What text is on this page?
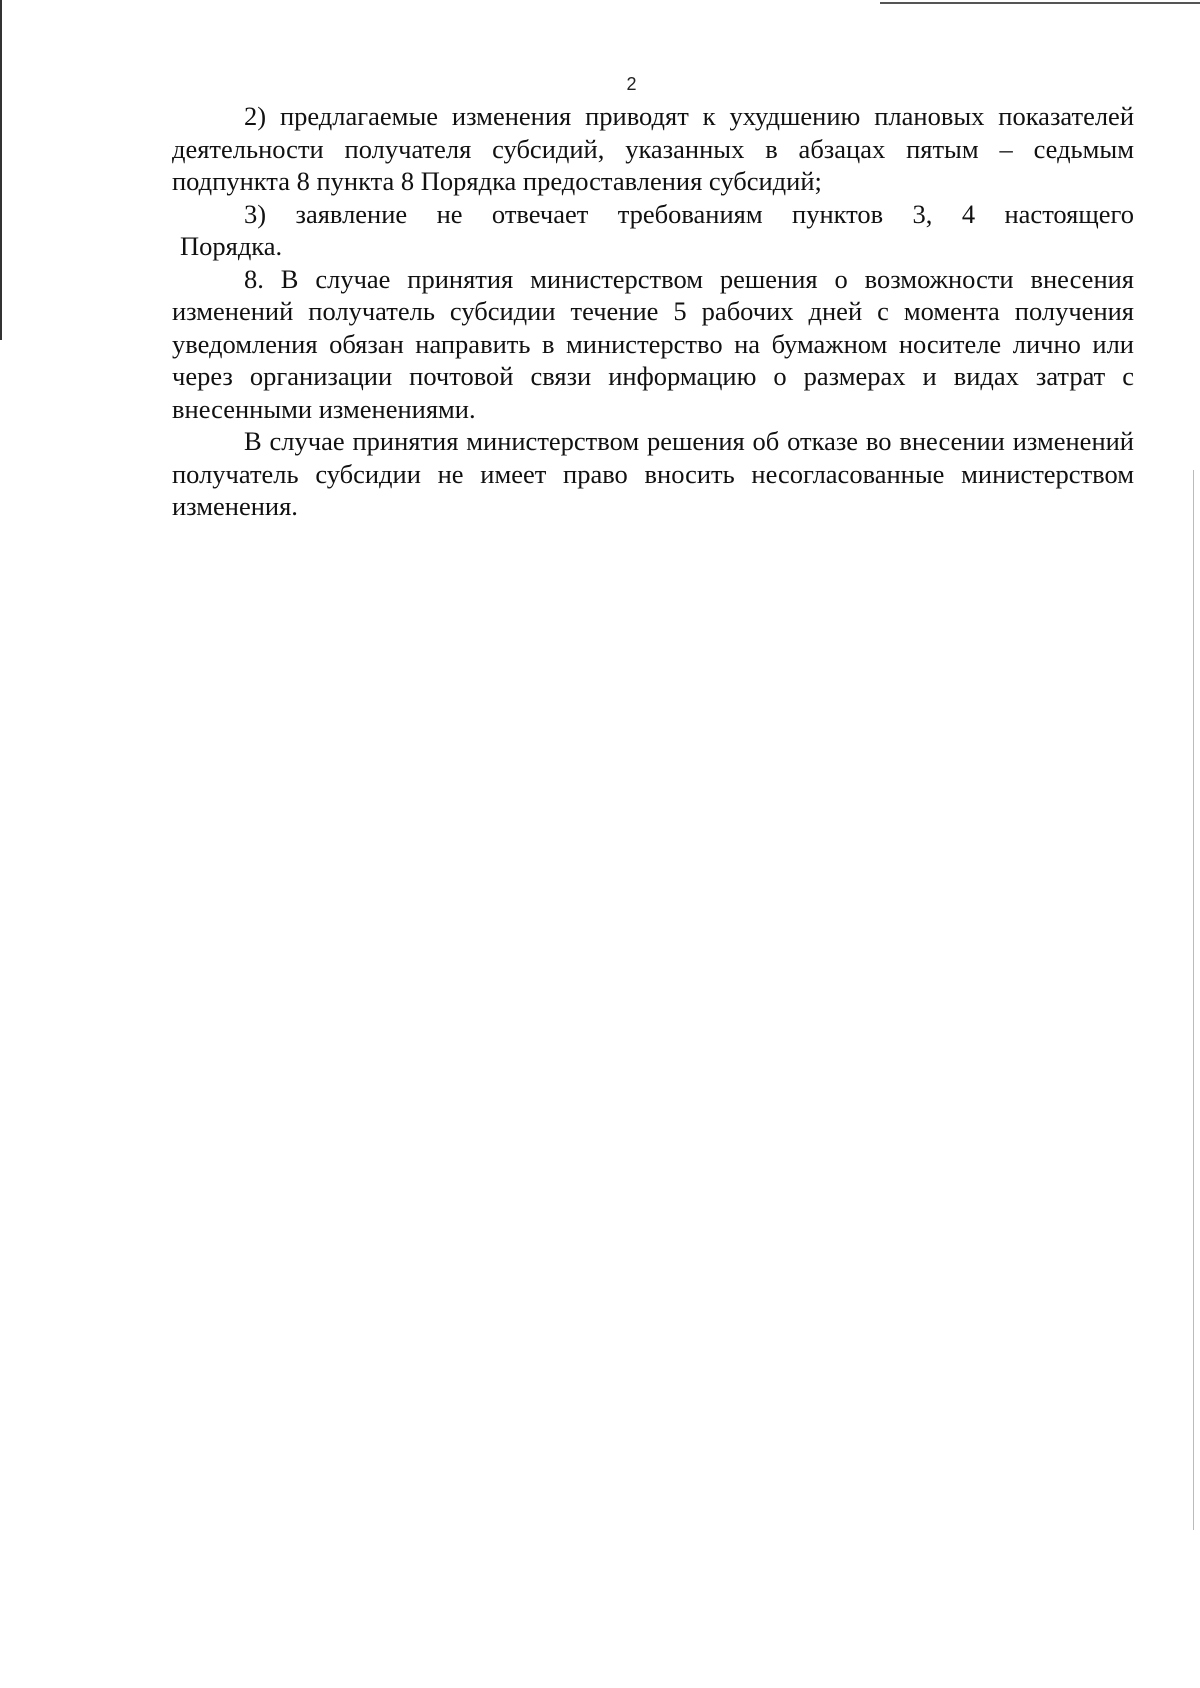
2

2) предлагаемые изменения приводят к ухудшению плановых показателей деятельности получателя субсидий, указанных в абзацах пятым – седьмым подпункта 8 пункта 8 Порядка предоставления субсидий;

3) заявление не отвечает требованиям пунктов 3, 4 настоящего

Порядка.

8. В случае принятия министерством решения о возможности внесения изменений получатель субсидии течение 5 рабочих дней с момента получения уведомления обязан направить в министерство на бумажном носителе лично или через организации почтовой связи информацию о размерах и видах затрат с внесенными изменениями.

В случае принятия министерством решения об отказе во внесении изменений получатель субсидии не имеет право вносить несогласованные министерством изменения.
